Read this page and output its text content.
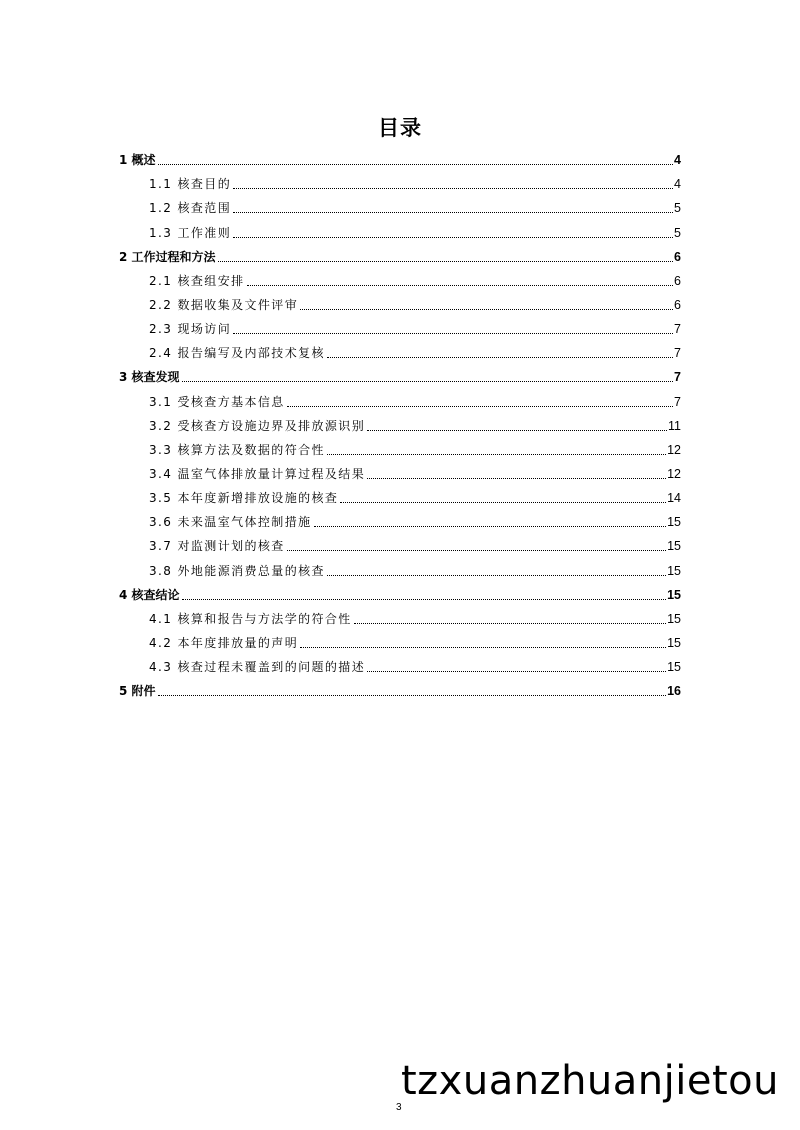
目录
1 概述	4
1.1 核查目的	4
1.2 核查范围	5
1.3 工作准则	5
2 工作过程和方法	6
2.1 核查组安排	6
2.2 数据收集及文件评审	6
2.3 现场访问	7
2.4 报告编写及内部技术复核	7
3 核查发现	7
3.1 受核查方基本信息	7
3.2 受核查方设施边界及排放源识别	11
3.3 核算方法及数据的符合性	12
3.4 温室气体排放量计算过程及结果	12
3.5 本年度新增排放设施的核查	14
3.6 未来温室气体控制措施	15
3.7 对监测计划的核查	15
3.8 外地能源消费总量的核查	15
4 核查结论	15
4.1 核算和报告与方法学的符合性	15
4.2 本年度排放量的声明	15
4.3 核查过程未覆盖到的问题的描述	15
5 附件	16
3
tzxuanzhuanjietou
